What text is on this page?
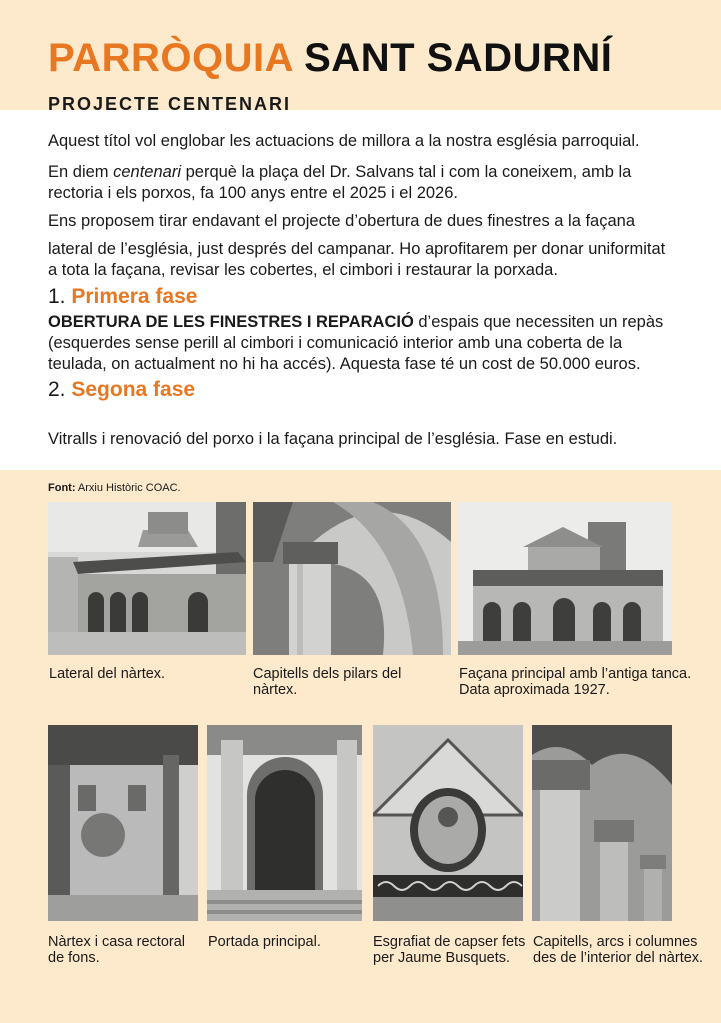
PARRÒQUIA SANT SADURNÍ
PROJECTE CENTENARI

Aquest títol vol englobar les actuacions de millora a la nostra església parroquial.

En diem centenari perquè la plaça del Dr. Salvans tal i com la coneixem, amb la rectoria i els porxos, fa 100 anys entre el 2025 i el 2026.

Ens proposem tirar endavant el projecte d’obertura de dues finestres a la façana

lateral de l’església, just després del campanar. Ho aprofitarem per donar uniformitat a tota la façana, revisar les cobertes, el cimbori i restaurar la porxada.

1. Primera fase

OBERTURA DE LES FINESTRES I REPARACIÓ d’espais que necessiten un repàs (esquerdes sense perill al cimbori i comunicació interior amb una coberta de la teulada, on actualment no hi ha accés). Aquesta fase té un cost de 50.000 euros.

2. Segona fase

Vitralls i renovació del porxo i la façana principal de l’església. Fase en estudi.

Font: Arxiu Històric COAC.
Lateral del nàrtex.	Capitells dels pilars del nàrtex.
Façana principal amb l’antiga tanca. Data aproximada 1927.
Nàrtex i casa rectoral de fons.
Portada principal.	Esgrafiat de capser fets per Jaume Busquets.
Capitells, arcs i columnes des de l’interior del nàrtex.
